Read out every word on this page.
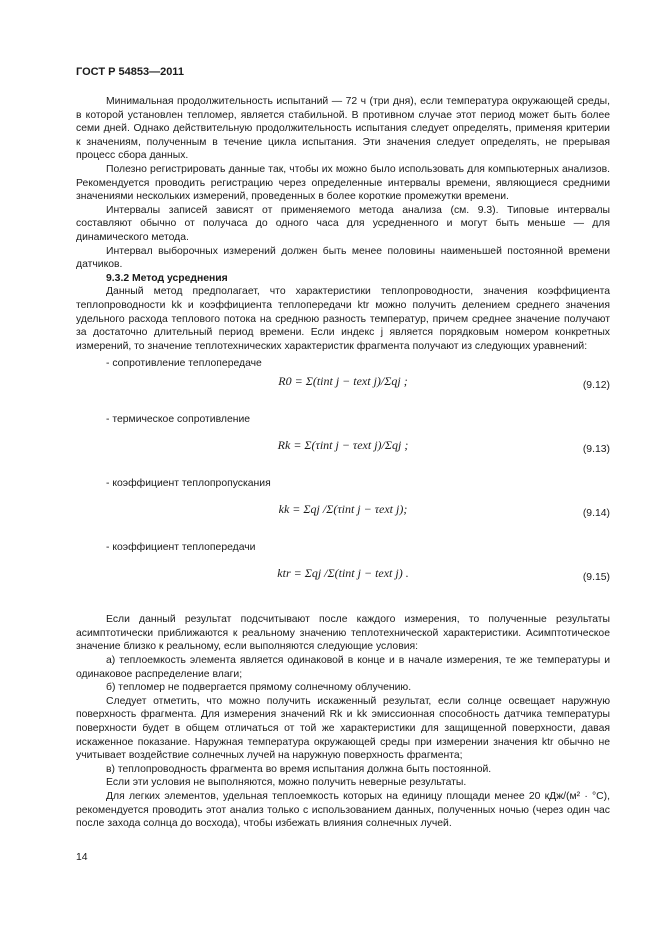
ГОСТ Р 54853—2011

Минимальная продолжительность испытаний — 72 ч (три дня), если температура окружающей среды, в которой установлен тепломер, является стабильной. В противном случае этот период может быть более семи дней. Однако действительную продолжительность испытания следует определять, применяя критерии к значениям, полученным в течение цикла испытания. Эти значения следует определять, не прерывая процесс сбора данных.

Полезно регистрировать данные так, чтобы их можно было использовать для компьютерных анализов. Рекомендуется проводить регистрацию через определенные интервалы времени, являющиеся средними значениями нескольких измерений, проведенных в более короткие промежутки времени.

Интервалы записей зависят от применяемого метода анализа (см. 9.3). Типовые интервалы составляют обычно от получаса до одного часа для усредненного и могут быть меньше — для динамического метода.

Интервал выборочных измерений должен быть менее половины наименьшей постоянной времени датчиков.

9.3.2 Метод усреднения

Данный метод предполагает, что характеристики теплопроводности, значения коэффициента теплопроводности kk и коэффициента теплопередачи ktr можно получить делением среднего значения удельного расхода теплового потока на среднюю разность температур, причем среднее значение получают за достаточно длительный период времени. Если индекс j является порядковым номером конкретных измерений, то значение теплотехнических характеристик фрагмента получают из следующих уравнений:

- сопротивление теплопередаче
R0 = Σ(tint j − text j)/Σqj ;	(9.12)
- термическое сопротивление
Rk = Σ(τint j − τext j)/Σqj ;	(9.13)
- коэффициент теплопропускания
kk = Σqj /Σ(τint j − τext j);	(9.14)
- коэффициент теплопередачи
ktr = Σqj /Σ(tint j − text j) .	(9.15)

Если данный результат подсчитывают после каждого измерения, то полученные результаты асимптотически приближаются к реальному значению теплотехнической характеристики. Асимптотическое значение близко к реальному, если выполняются следующие условия:

а) теплоемкость элемента является одинаковой в конце и в начале измерения, те же температуры и одинаковое распределение влаги;

б) тепломер не подвергается прямому солнечному облучению.

Следует отметить, что можно получить искаженный результат, если солнце освещает наружную поверхность фрагмента. Для измерения значений Rk и kk эмиссионная способность датчика температуры поверхности будет в общем отличаться от той же характеристики для защищенной поверхности, давая искаженное показание. Наружная температура окружающей среды при измерении значения ktr обычно не учитывает воздействие солнечных лучей на наружную поверхность фрагмента;

в) теплопроводность фрагмента во время испытания должна быть постоянной.

Если эти условия не выполняются, можно получить неверные результаты.

Для легких элементов, удельная теплоемкость которых на единицу площади менее 20 кДж/(м² · °С), рекомендуется проводить этот анализ только с использованием данных, полученных ночью (через один час после захода солнца до восхода), чтобы избежать влияния солнечных лучей.

14
